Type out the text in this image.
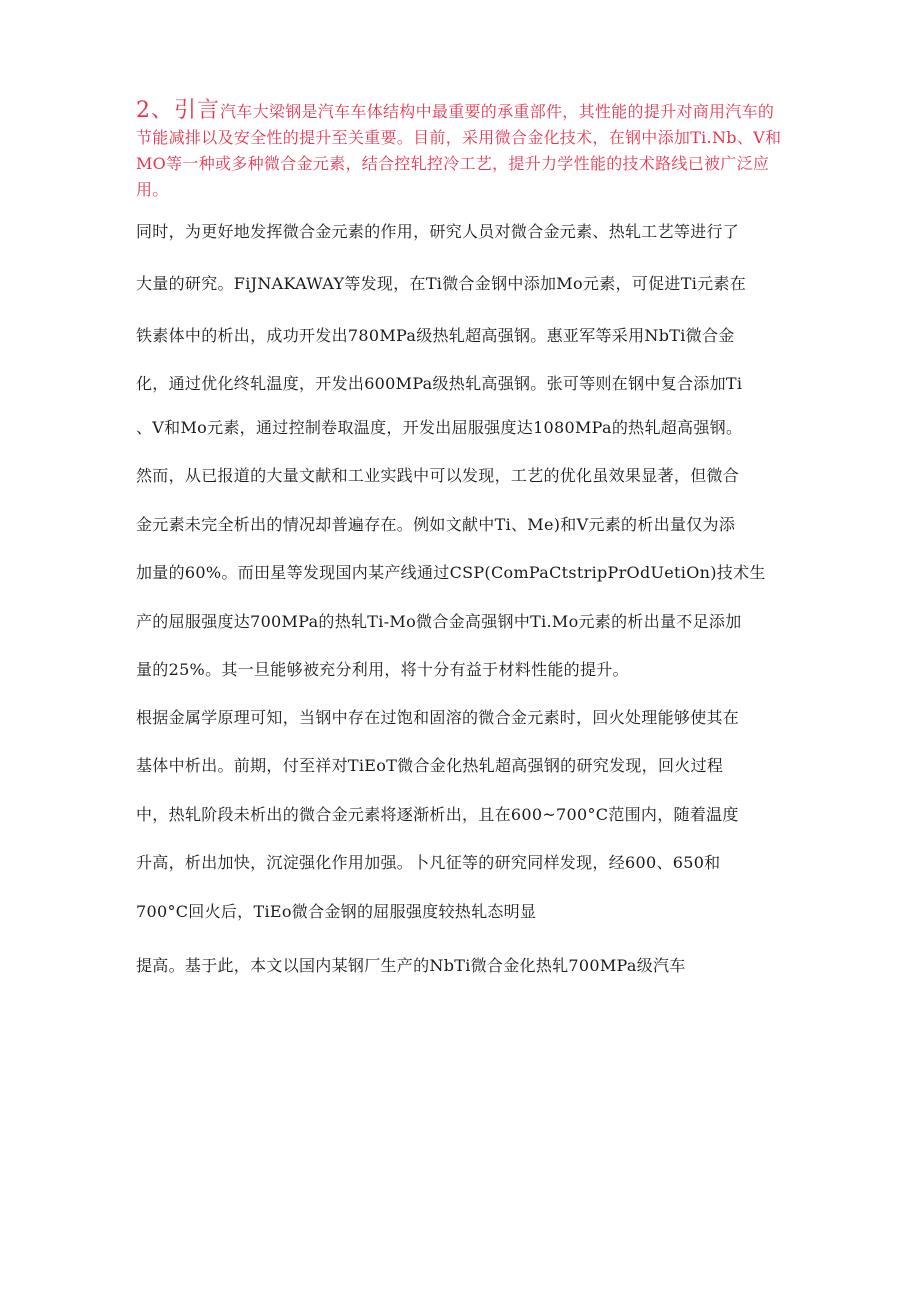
2、引言汽车大梁钢是汽车车体结构中最重要的承重部件，其性能的提升对商用汽车的节能减排以及安全性的提升至关重要。目前，采用微合金化技术，在钢中添加Ti.Nb、V和MO等一种或多种微合金元素，结合控轧控冷工艺，提升力学性能的技术路线已被广泛应用。

同时，为更好地发挥微合金元素的作用，研究人员对微合金元素、热轧工艺等进行了

大量的研究。FiJNAKAWAY等发现，在Ti微合金钢中添加Mo元素，可促进Ti元素在

铁素体中的析出，成功开发出780MPa级热轧超高强钢。惠亚军等采用NbTi微合金

化，通过优化终轧温度，开发出600MPa级热轧高强钢。张可等则在钢中复合添加Ti

、V和Mo元素，通过控制卷取温度，开发出屈服强度达1080MPa的热轧超高强钢。

然而，从已报道的大量文献和工业实践中可以发现，工艺的优化虽效果显著，但微合

金元素未完全析出的情况却普遍存在。例如文献中Ti、Me)和V元素的析出量仅为添

加量的60%。而田星等发现国内某产线通过CSP(ComPaCtstripPrOdUetiOn)技术生

产的屈服强度达700MPa的热轧Ti-Mo微合金高强钢中Ti.Mo元素的析出量不足添加

量的25%。其一旦能够被充分利用，将十分有益于材料性能的提升。

根据金属学原理可知，当钢中存在过饱和固溶的微合金元素时，回火处理能够使其在

基体中析出。前期，付至祥对TiEoT微合金化热轧超高强钢的研究发现，回火过程

中，热轧阶段未析出的微合金元素将逐渐析出，且在600~700°C范围内，随着温度

升高，析出加快，沉淀强化作用加强。卜凡征等的研究同样发现，经600、650和

700°C回火后，TiEo微合金钢的屈服强度较热轧态明显

提高。基于此，本文以国内某钢厂生产的NbTi微合金化热轧700MPa级汽车
